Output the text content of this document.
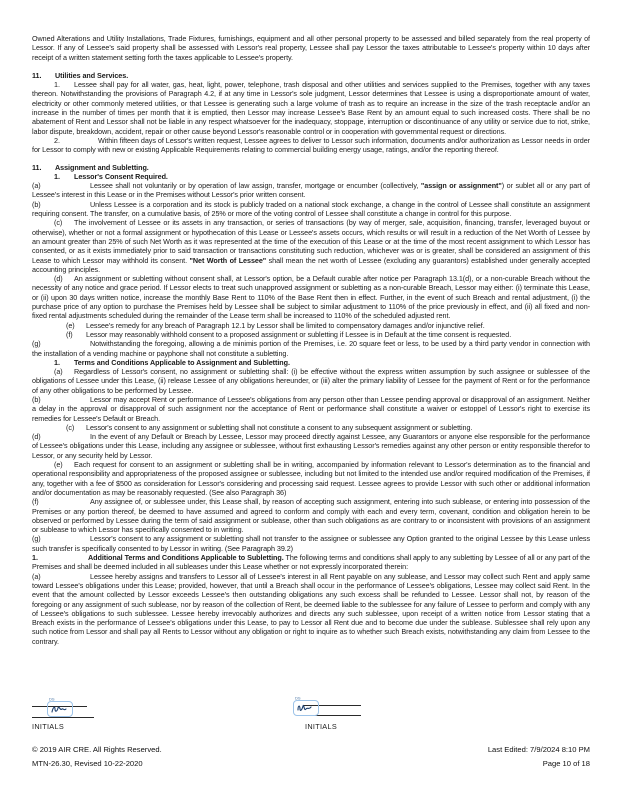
Owned Alterations and Utility Installations, Trade Fixtures, furnishings, equipment and all other personal property to be assessed and billed separately from the real property of Lessor. If any of Lessee's said property shall be assessed with Lessor's real property, Lessee shall pay Lessor the taxes attributable to Lessee's property within 10 days after receipt of a written statement setting forth the taxes applicable to Lessee's property.

11. Utilities and Services.

1. Lessee shall pay for all water, gas, heat, light, power, telephone, trash disposal and other utilities and services supplied to the Premises, together with any taxes thereon. Notwithstanding the provisions of Paragraph 4.2, if at any time in Lessor's sole judgment, Lessor determines that Lessee is using a disproportionate amount of water, electricity or other commonly metered utilities, or that Lessee is generating such a large volume of trash as to require an increase in the size of the trash receptacle and/or an increase in the number of times per month that it is emptied, then Lessor may increase Lessee's Base Rent by an amount equal to such increased costs. There shall be no abatement of Rent and Lessor shall not be liable in any respect whatsoever for the inadequacy, stoppage, interruption or discontinuance of any utility or service due to riot, strike, labor dispute, breakdown, accident, repair or other cause beyond Lessor's reasonable control or in cooperation with governmental request or directions.

2.	Within fifteen days of Lessor's written request, Lessee agrees to deliver to Lessor such information, documents and/or authorization as Lessor needs in order for Lessor to comply with new or existing Applicable Requirements relating to commercial building energy usage, ratings, and/or the reporting thereof.

11. Assignment and Subletting.

1. Lessor's Consent Required.

(a)	Lessee shall not voluntarily or by operation of law assign, transfer, mortgage or encumber (collectively, "assign or assignment") or sublet all or any part of Lessee's interest in this Lease or in the Premises without Lessor's prior written consent.

(b)	Unless Lessee is a corporation and its stock is publicly traded on a national stock exchange, a change in the control of Lessee shall constitute an assignment requiring consent. The transfer, on a cumulative basis, of 25% or more of the voting control of Lessee shall constitute a change in control for this purpose.

(c) The involvement of Lessee or its assets in any transaction, or series of transactions (by way of merger, sale, acquisition, financing, transfer, leveraged buyout or otherwise), whether or not a formal assignment or hypothecation of this Lease or Lessee's assets occurs, which results or will result in a reduction of the Net Worth of Lessee by an amount greater than 25% of such Net Worth as it was represented at the time of the execution of this Lease or at the time of the most recent assignment to which Lessor has consented, or as it exists immediately prior to said transaction or transactions constituting such reduction, whichever was or is greater, shall be considered an assignment of this Lease to which Lessor may withhold its consent. "Net Worth of Lessee" shall mean the net worth of Lessee (excluding any guarantors) established under generally accepted accounting principles.

(d) An assignment or subletting without consent shall, at Lessor's option, be a Default curable after notice per Paragraph 13.1(d), or a non-curable Breach without the necessity of any notice and grace period. If Lessor elects to treat such unapproved assignment or subletting as a non-curable Breach, Lessor may either: (i) terminate this Lease, or (ii) upon 30 days written notice, increase the monthly Base Rent to 110% of the Base Rent then in effect. Further, in the event of such Breach and rental adjustment, (i) the purchase price of any option to purchase the Premises held by Lessee shall be subject to similar adjustment to 110% of the price previously in effect, and (ii) all fixed and non-fixed rental adjustments scheduled during the remainder of the Lease term shall be increased to 110% of the scheduled adjusted rent.

(e) Lessee's remedy for any breach of Paragraph 12.1 by Lessor shall be limited to compensatory damages and/or injunctive relief.

(f) Lessor may reasonably withhold consent to a proposed assignment or subletting if Lessee is in Default at the time consent is requested.

(g)	Notwithstanding the foregoing, allowing a de minimis portion of the Premises, i.e. 20 square feet or less, to be used by a third party vendor in connection with the installation of a vending machine or payphone shall not constitute a subletting.

1. Terms and Conditions Applicable to Assignment and Subletting.

(a) Regardless of Lessor's consent, no assignment or subletting shall: (i) be effective without the express written assumption by such assignee or sublessee of the obligations of Lessee under this Lease, (ii) release Lessee of any obligations hereunder, or (iii) alter the primary liability of Lessee for the payment of Rent or for the performance of any other obligations to be performed by Lessee.

(b)	Lessor may accept Rent or performance of Lessee's obligations from any person other than Lessee pending approval or disapproval of an assignment. Neither a delay in the approval or disapproval of such assignment nor the acceptance of Rent or performance shall constitute a waiver or estoppel of Lessor's right to exercise its remedies for Lessee's Default or Breach.

(c) Lessor's consent to any assignment or subletting shall not constitute a consent to any subsequent assignment or subletting.

(d)	In the event of any Default or Breach by Lessee, Lessor may proceed directly against Lessee, any Guarantors or anyone else responsible for the performance of Lessee's obligations under this Lease, including any assignee or sublessee, without first exhausting Lessor's remedies against any other person or entity responsible therefor to Lessor, or any security held by Lessor.

(e) Each request for consent to an assignment or subletting shall be in writing, accompanied by information relevant to Lessor's determination as to the financial and operational responsibility and appropriateness of the proposed assignee or sublessee, including but not limited to the intended use and/or required modification of the Premises, if any, together with a fee of $500 as consideration for Lessor's considering and processing said request. Lessee agrees to provide Lessor with such other or additional information and/or documentation as may be reasonably requested. (See also Paragraph 36)

(f)	Any assignee of, or sublessee under, this Lease shall, by reason of accepting such assignment, entering into such sublease, or entering into possession of the Premises or any portion thereof, be deemed to have assumed and agreed to conform and comply with each and every term, covenant, condition and obligation herein to be observed or performed by Lessee during the term of said assignment or sublease, other than such obligations as are contrary to or inconsistent with provisions of an assignment or sublease to which Lessor has specifically consented to in writing.

(g)	Lessor's consent to any assignment or subletting shall not transfer to the assignee or sublessee any Option granted to the original Lessee by this Lease unless such transfer is specifically consented to by Lessor in writing. (See Paragraph 39.2)

1.	Additional Terms and Conditions Applicable to Subletting. The following terms and conditions shall apply to any subletting by Lessee of all or any part of the Premises and shall be deemed included in all subleases under this Lease whether or not expressly incorporated therein:

(a)	Lessee hereby assigns and transfers to Lessor all of Lessee's interest in all Rent payable on any sublease, and Lessor may collect such Rent and apply same toward Lessee's obligations under this Lease; provided, however, that until a Breach shall occur in the performance of Lessee's obligations, Lessee may collect said Rent. In the event that the amount collected by Lessor exceeds Lessee's then outstanding obligations any such excess shall be refunded to Lessee. Lessor shall not, by reason of the foregoing or any assignment of such sublease, nor by reason of the collection of Rent, be deemed liable to the sublessee for any failure of Lessee to perform and comply with any of Lessee's obligations to such sublessee. Lessee hereby irrevocably authorizes and directs any such sublessee, upon receipt of a written notice from Lessor stating that a Breach exists in the performance of Lessee's obligations under this Lease, to pay to Lessor all Rent due and to become due under the sublease. Sublessee shall rely upon any such notice from Lessor and shall pay all Rents to Lessor without any obligation or right to inquire as to whether such Breach exists, notwithstanding any claim from Lessee to the contrary.

DS
INITIALS
DS
INITIALS
© 2019 AIR CRE. All Rights Reserved.
MTN-26.30, Revised 10-22-2020
Last Edited: 7/9/2024 8:10 PM
Page 10 of 18
